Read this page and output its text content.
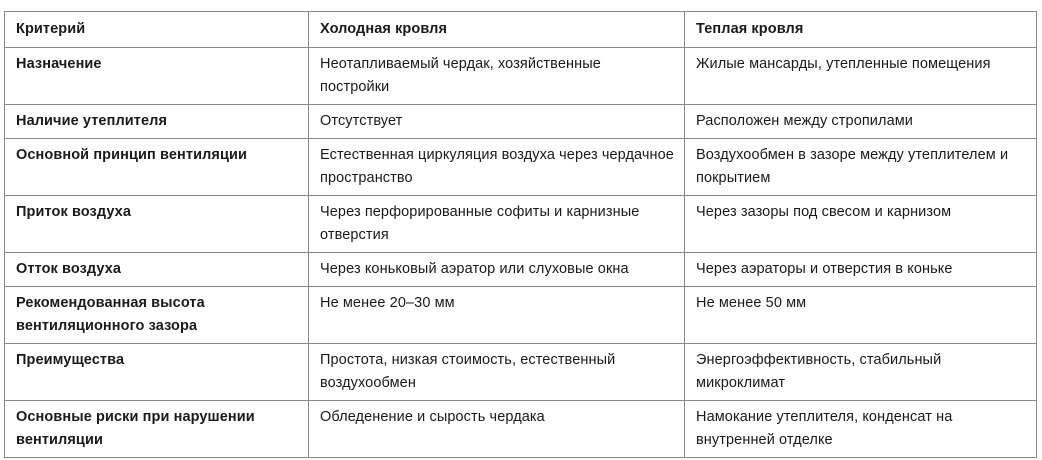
Критерий	Холодная кровля	Теплая кровля
Назначение	Неотапливаемый чердак, хозяйственные постройки	Жилые мансарды, утепленные помещения
Наличие утеплителя	Отсутствует	Расположен между стропилами
Основной принцип вентиляции	Естественная циркуляция воздуха через чердачное пространство	Воздухообмен в зазоре между утеплителем и покрытием
Приток воздуха	Через перфорированные софиты и карнизные отверстия	Через зазоры под свесом и карнизом
Отток воздуха	Через коньковый аэратор или слуховые окна	Через аэраторы и отверстия в коньке
Рекомендованная высота вентиляционного зазора	Не менее 20–30 мм	Не менее 50 мм
Преимущества	Простота, низкая стоимость, естественный воздухообмен	Энергоэффективность, стабильный микроклимат
Основные риски при нарушении вентиляции	Обледенение и сырость чердака	Намокание утеплителя, конденсат на внутренней отделке
